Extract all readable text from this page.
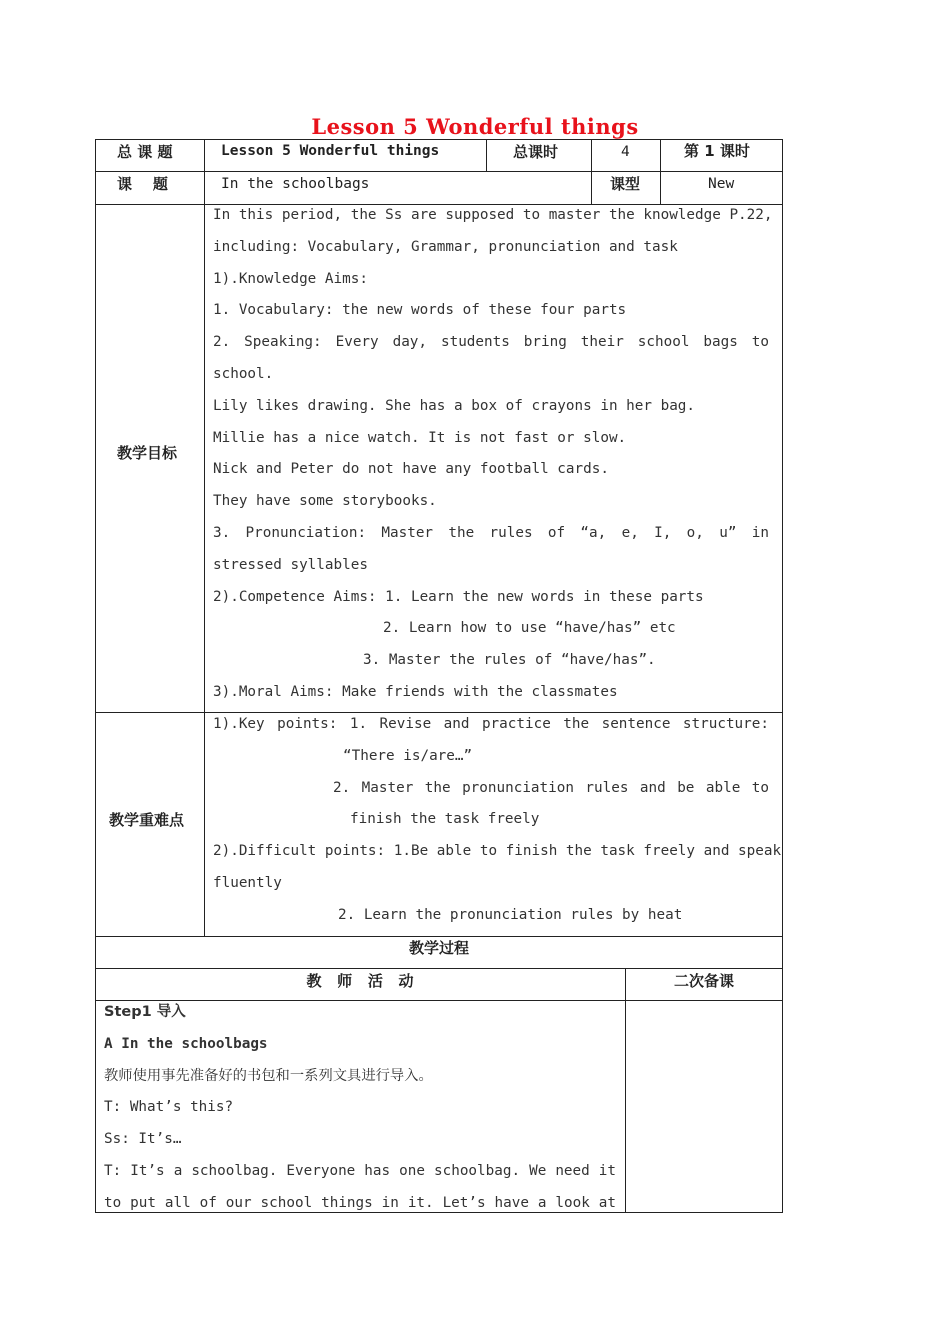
Lesson 5 Wonderful things
总 课 题	Lesson 5 Wonderful things	总课时	4	第 1 课时
课    题	In the schoolbags	课型	New
教学目标
In this period, the Ss are supposed to master the knowledge P.22,
including: Vocabulary, Grammar, pronunciation and task
1).Knowledge Aims:
1. Vocabulary: the new words of these four parts
2. Speaking: Every day, students bring their school bags to
school.
Lily likes drawing. She has a box of crayons in her bag.
Millie has a nice watch. It is not fast or slow.
Nick and Peter do not have any football cards.
They have some storybooks.
3. Pronunciation: Master the rules of “a, e, I, o, u” in
stressed syllables
2).Competence Aims: 1. Learn the new words in these parts
2. Learn how to use “have/has” etc
3. Master the rules of “have/has”.
3).Moral Aims: Make friends with the classmates
教学重难点
1).Key points: 1. Revise and practice the sentence structure:
“There is/are…”
2. Master the pronunciation rules and be able to
finish the task freely
2).Difficult points: 1.Be able to finish the task freely and speak
fluently
2. Learn the pronunciation rules by heat
教学过程
教   师   活   动	二次备课
Step1 导入
A In the schoolbags
教师使用事先准备好的书包和一系列文具进行导入。
T: What’s this?
Ss: It’s…
T: It’s a schoolbag. Everyone has one schoolbag. We need it
to put all of our school things in it. Let’s have a look at
